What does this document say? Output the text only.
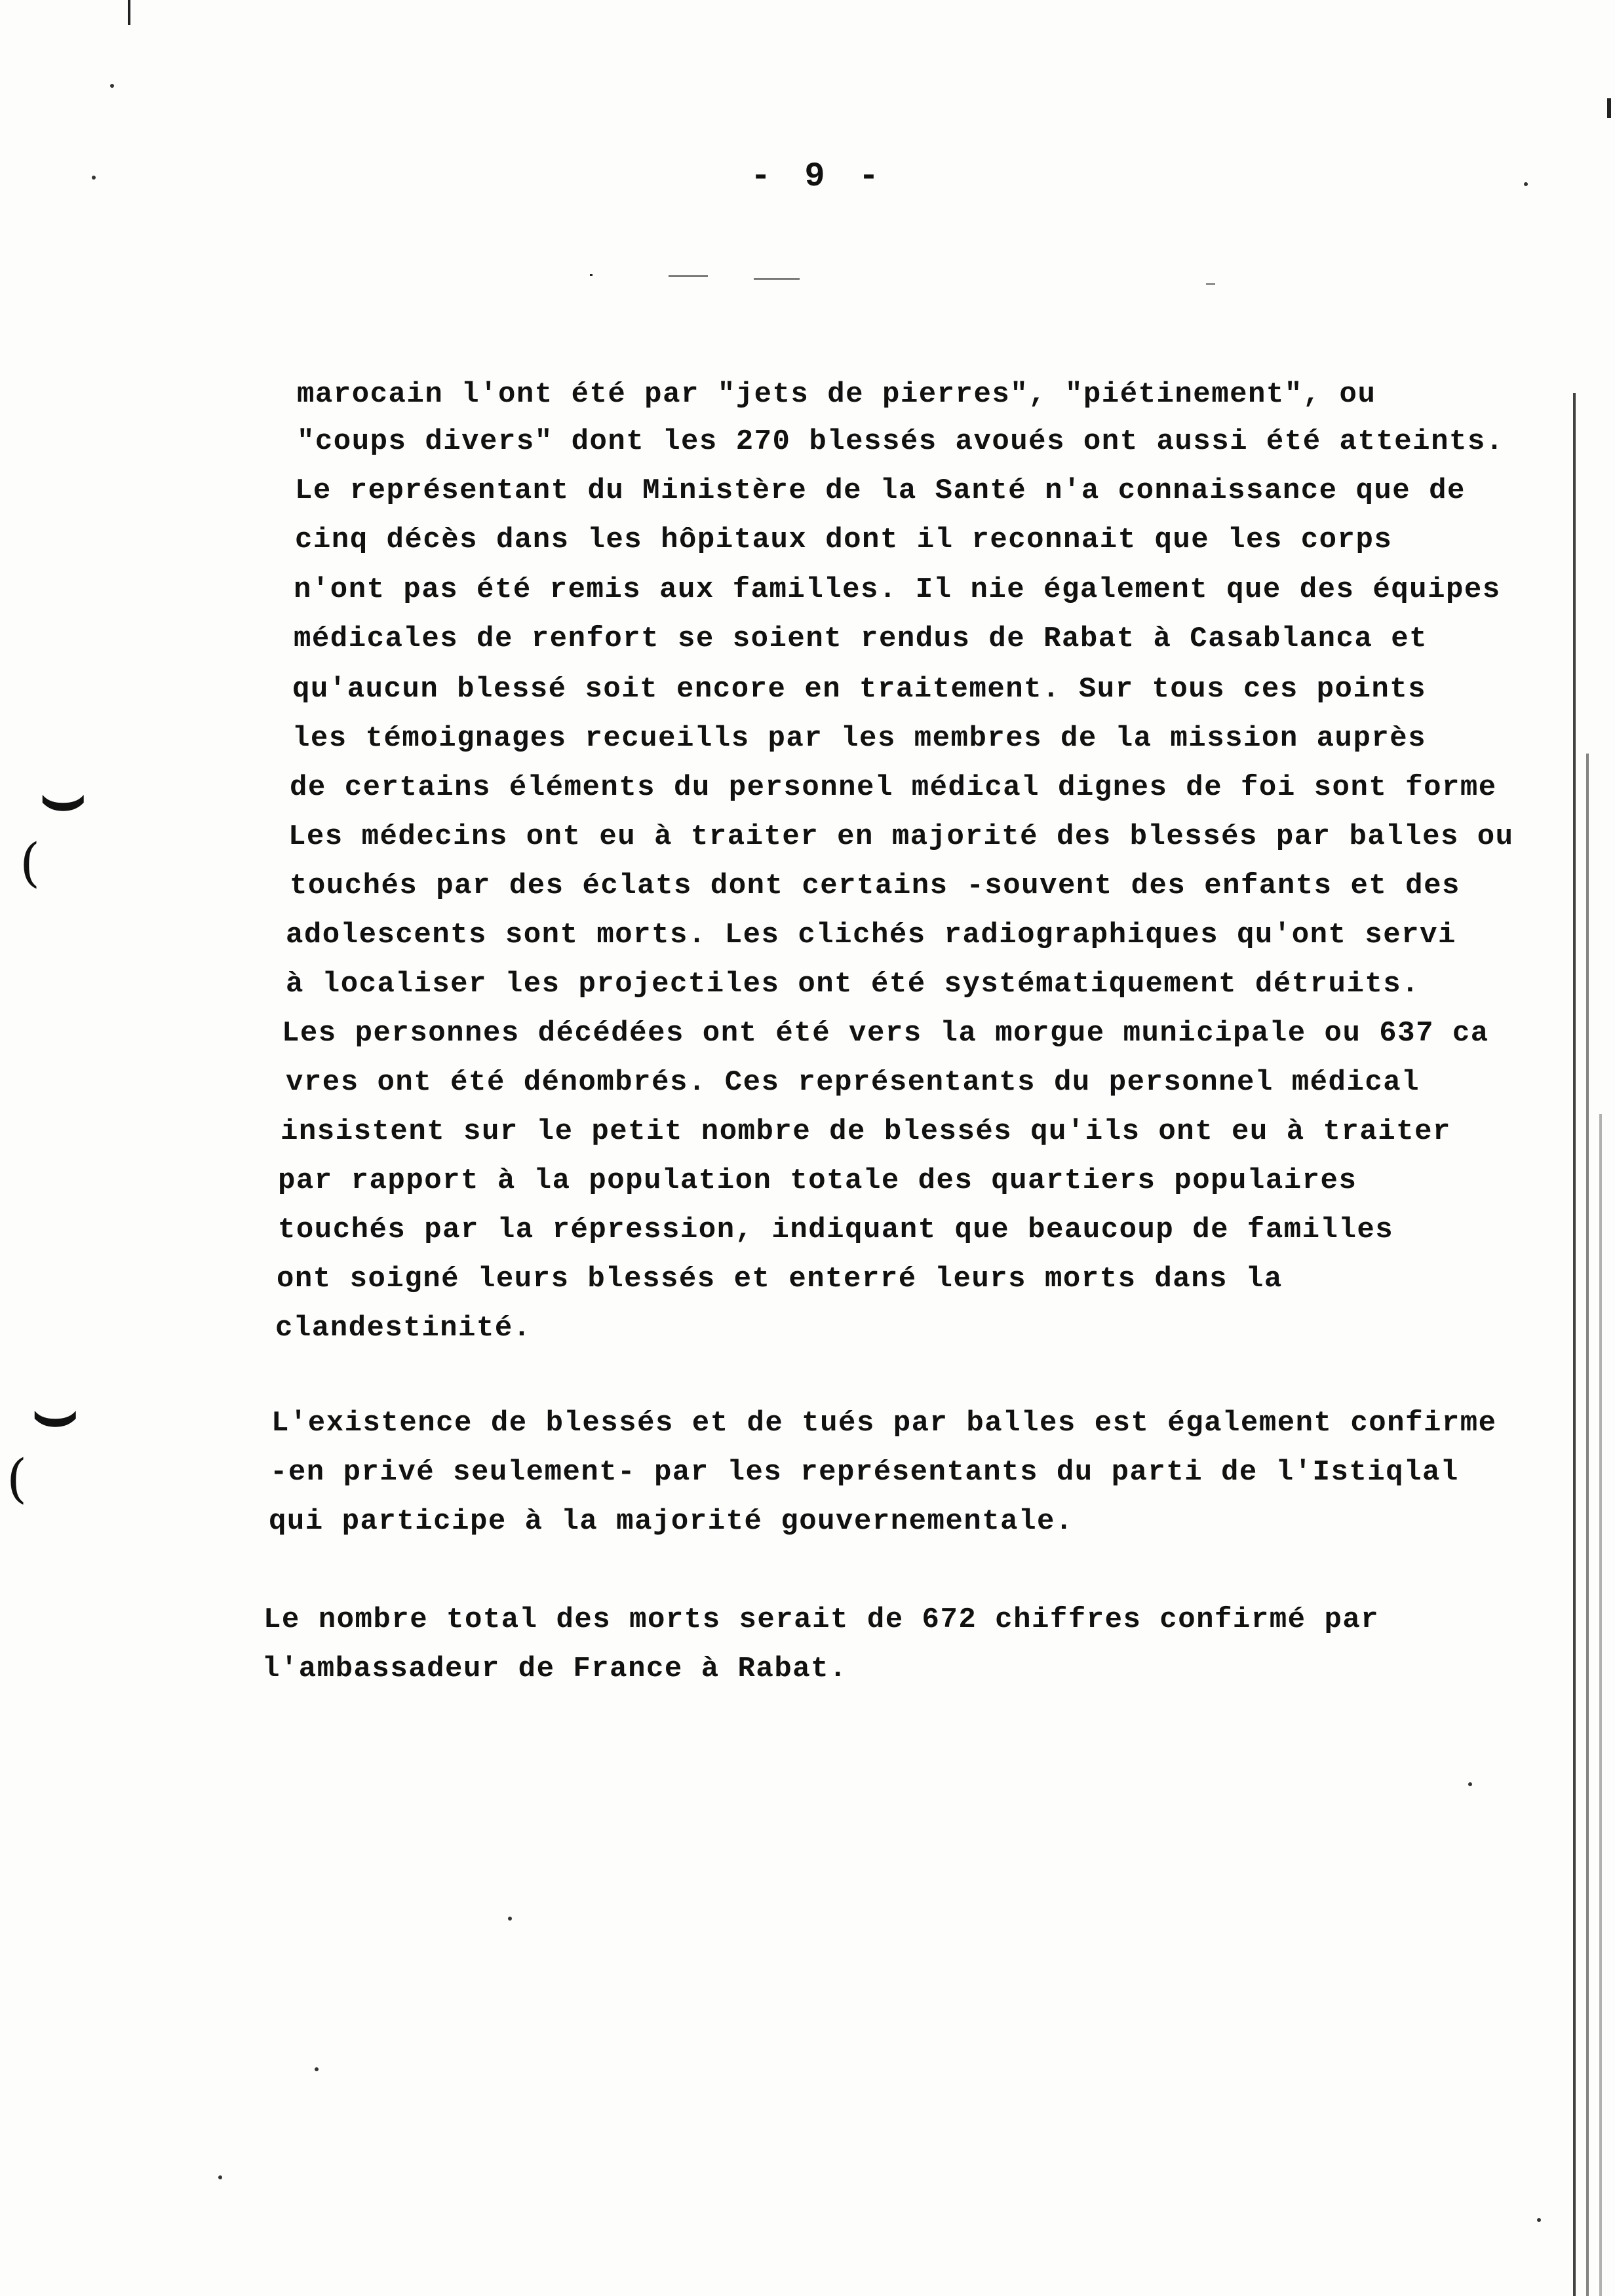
- 9 -
marocain l'ont été par "jets de pierres", "piétinement", ou
"coups divers" dont les 270 blessés avoués ont aussi été atteints.
Le représentant du Ministère de la Santé n'a connaissance que de
cinq décès dans les hôpitaux dont il reconnait que les corps
n'ont pas été remis aux familles. Il nie également que des équipes
médicales de renfort se soient rendus de Rabat à Casablanca et
qu'aucun blessé soit encore en traitement. Sur tous ces points
les témoignages recueills par les membres de la mission auprès
de certains éléments du personnel médical dignes de foi sont forme
Les médecins ont eu à traiter en majorité des blessés par balles ou
touchés par des éclats dont certains -souvent des enfants et des
adolescents sont morts. Les clichés radiographiques qu'ont servi
à localiser les projectiles ont été systématiquement détruits.
Les personnes décédées ont été vers la morgue municipale ou 637 ca
vres ont été dénombrés. Ces représentants du personnel médical
insistent sur le petit nombre de blessés qu'ils ont eu à traiter
par rapport à la population totale des quartiers populaires
touchés par la répression, indiquant que beaucoup de familles
ont soigné leurs blessés et enterré leurs morts dans la
clandestinité.
L'existence de blessés et de tués par balles est également confirme
-en privé seulement- par les représentants du parti de l'Istiqlal
qui participe à la majorité gouvernementale.
Le nombre total des morts serait de 672 chiffres confirmé par
l'ambassadeur de France à Rabat.
⌣
(
⌣
(
